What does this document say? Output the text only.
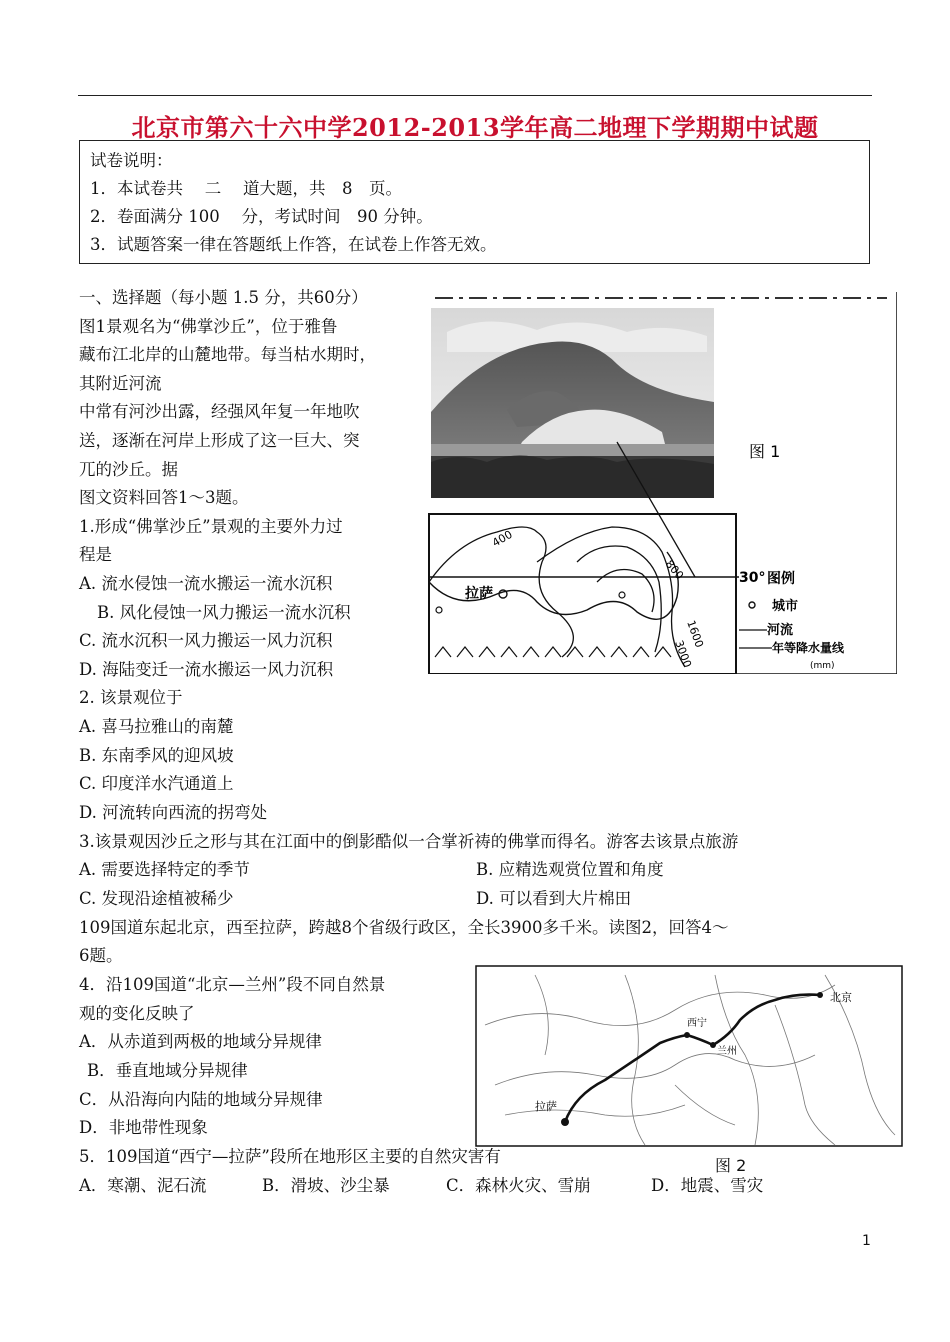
北京市第六十六中学2012-2013学年高二地理下学期期中试题
试卷说明：
1．本试卷共　 二　 道大题，共　8　页。
2．卷面满分 100　 分，考试时间　90 分钟。
3．试题答案一律在答题纸上作答，在试卷上作答无效。
一、选择题（每小题 1.5 分，共60分）
图1景观名为“佛掌沙丘”，位于雅鲁
藏布江北岸的山麓地带。每当枯水期时，
其附近河流
中常有河沙出露，经强风年复一年地吹
送，逐渐在河岸上形成了这一巨大、突
兀的沙丘。据
图文资料回答1～3题。
1.形成“佛掌沙丘”景观的主要外力过
程是
A. 流水侵蚀一流水搬运一流水沉积
B. 风化侵蚀一风力搬运一流水沉积
C. 流水沉积一风力搬运一风力沉积
D. 海陆变迁一流水搬运一风力沉积
2. 该景观位于
A. 喜马拉雅山的南麓
B. 东南季风的迎风坡
C. 印度洋水汽通道上
D. 河流转向西流的拐弯处
3.该景观因沙丘之形与其在江面中的倒影酷似一合掌祈祷的佛掌而得名。游客去该景点旅游
A. 需要选择特定的季节	B. 应精选观赏位置和角度
C. 发现沿途植被稀少	D. 可以看到大片棉田
109国道东起北京，西至拉萨，跨越8个省级行政区，全长3900多千米。读图2，回答4～
6题。
4．沿109国道“北京—兰州”段不同自然景
观的变化反映了
A．从赤道到两极的地域分异规律
B．垂直地域分异规律
C．从沿海向内陆的地域分异规律
D．非地带性现象
5．109国道“西宁—拉萨”段所在地形区主要的自然灾害有
A．寒潮、泥石流	B．滑坡、沙尘暴	C．森林火灾、雪崩	D．地震、雪灾
图 1
30°
400
800
1600
3000
拉萨
图例
城市
河流
年等降水量线
(mm)
北京
西宁
兰州
拉萨
图 2
1
